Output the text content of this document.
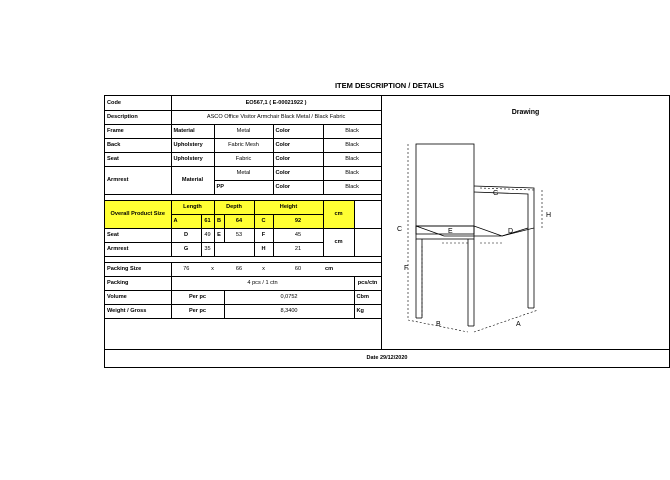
ITEM DESCRIPTION / DETAILS
Code	EO567,1 ( E-00021922 )							
Description	ASCO Office Visitor Armchair Black Metal / Black Fabric							
Frame	Material		Metal			Color	Black	
Back	Upholstery		Fabric Mesh			Color	Black	
Seat	Upholstery		Fabric			Color	Black	
Armrest	Material		Metal			Color	Black	
			PP			Color	Black	

Overall Product Size	Length		Depth		Height		cm	
	A	61	B	64	C	92		
Seat	D	49	E	53	F	45	cm	
Armrest	G	35			H	21		

Packing Size	76	x		66	x	60	cm	
Packing	4 pcs / 1 ctn							pcs/ctn
Volume	Per pc			0,0752				Cbm
Weight / Gross	Per pc			8,3400				Kg
Drawing
G
H
C	E	D
F
B	A
Date 29/12/2020
